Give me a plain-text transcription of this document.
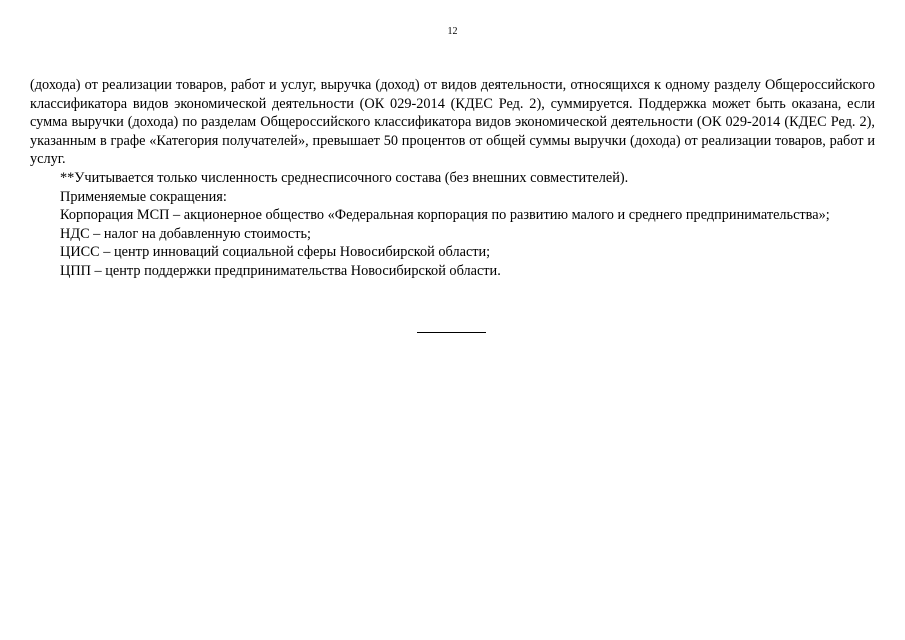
12

(дохода) от реализации товаров, работ и услуг, выручка (доход) от видов деятельности, относящихся к одному разделу Общероссийского классификатора видов экономической деятельности (ОК 029-2014 (КДЕС Ред. 2), суммируется. Поддержка может быть оказана, если сумма выручки (дохода) по разделам Общероссийского классификатора видов экономической деятельности (ОК 029-2014 (КДЕС Ред. 2), указанным в графе «Категория получателей», превышает 50 процентов от общей суммы выручки (дохода) от реализации товаров, работ и услуг.

**Учитывается только численность среднесписочного состава (без внешних совместителей).

Применяемые сокращения:

Корпорация МСП – акционерное общество «Федеральная корпорация по развитию малого и среднего предпринимательства»;

НДС – налог на добавленную стоимость;

ЦИСС – центр инноваций социальной сферы Новосибирской области;

ЦПП – центр поддержки предпринимательства Новосибирской области.
